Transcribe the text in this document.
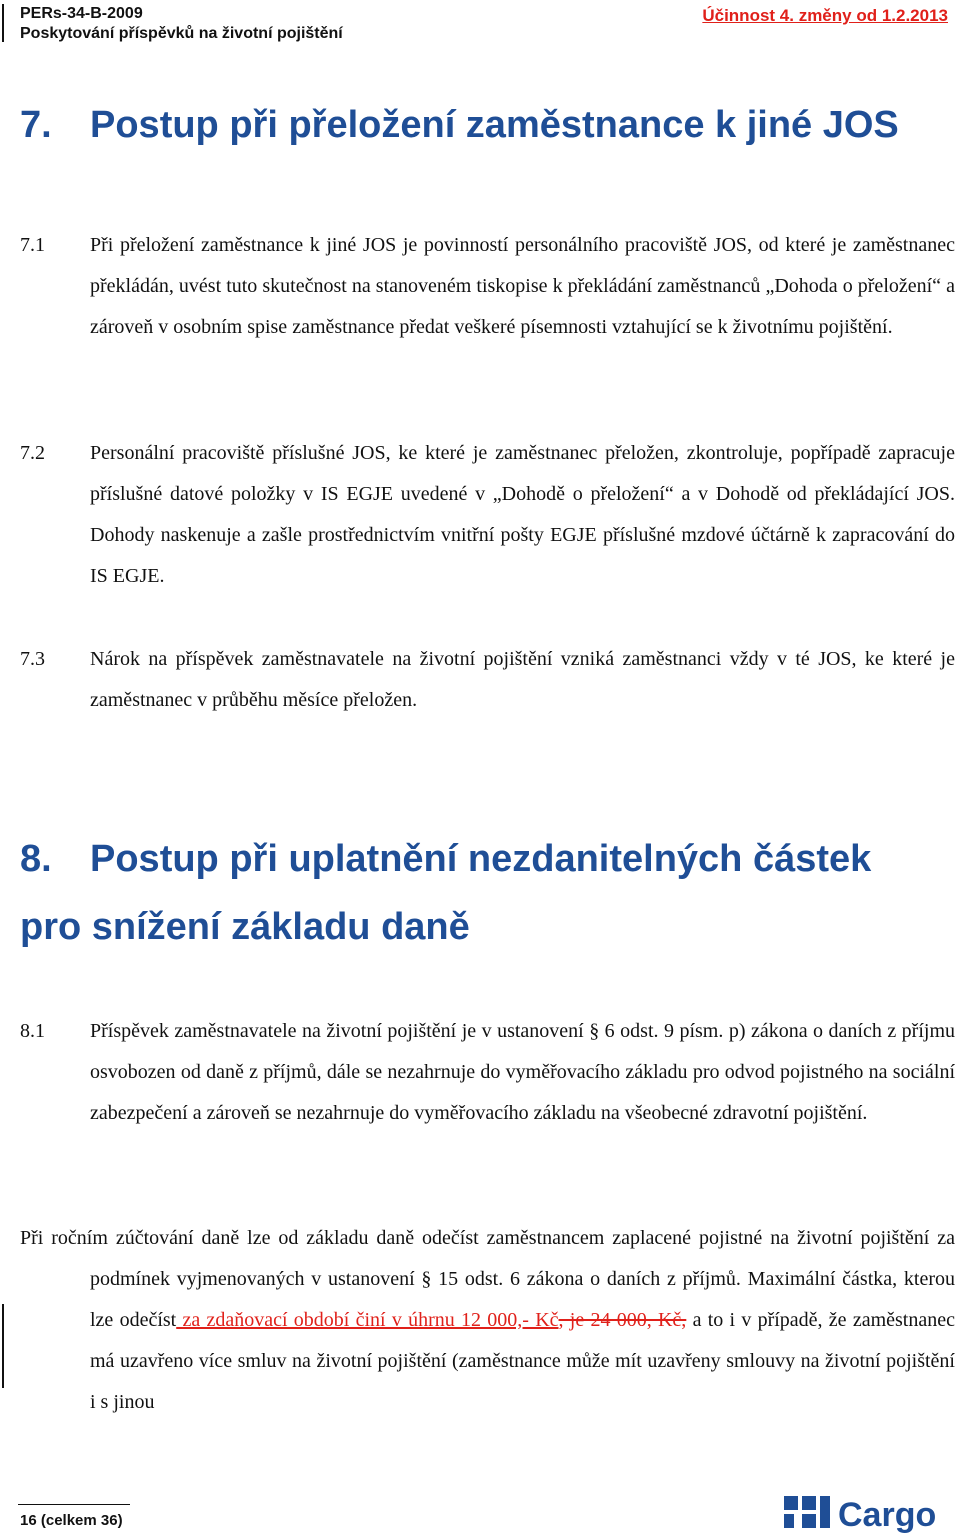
PERs-34-B-2009
Poskytování příspěvků na životní pojištění
Účinnost 4. změny od 1.2.2013
7. Postup při přeložení zaměstnance k jiné JOS
7.1 Při přeložení zaměstnance k jiné JOS je povinností personálního pracoviště JOS, od které je zaměstnanec překládán, uvést tuto skutečnost na stanoveném tiskopise k překládání zaměstnanců „Dohoda o přeložení“ a zároveň v osobním spise zaměstnance předat veškeré písemnosti vztahující se k životnímu pojištění.
7.2 Personální pracoviště příslušné JOS, ke které je zaměstnanec přeložen, zkontroluje, popřípadě zapracuje příslušné datové položky v IS EGJE uvedené v „Dohodě o přeložení“ a v Dohodě od překládající JOS. Dohody naskenuje a zašle prostřednictvím vnitřní pošty EGJE příslušné mzdové účtárně k zapracování do IS EGJE.
7.3 Nárok na příspěvek zaměstnavatele na životní pojištění vzniká zaměstnanci vždy v té JOS, ke které je zaměstnanec v průběhu měsíce přeložen.
8. Postup při uplatnění nezdanitelných částek
pro snížení základu daně
8.1 Příspěvek zaměstnavatele na životní pojištění je v ustanovení § 6 odst. 9 písm. p) zákona o daních z příjmu osvobozen od daně z příjmů, dále se nezahrnuje do vyměřovacího základu pro odvod pojistného na sociální zabezpečení a zároveň se nezahrnuje do vyměřovacího základu na všeobecné zdravotní pojištění.
Při ročním zúčtování daně lze od základu daně odečíst zaměstnancem zaplacené pojistné na životní pojištění za podmínek vyjmenovaných v ustanovení § 15 odst. 6 zákona o daních z příjmů. Maximální částka, kterou lze odečíst za zdaňovací období činí v úhrnu 12 000,- Kč, je 24 000, Kč, a to i v případě, že zaměstnanec má uzavřeno více smluv na životní pojištění (zaměstnance může mít uzavřeny smlouvy na životní pojištění i s jinou
16 (celkem 36)	Cargo
